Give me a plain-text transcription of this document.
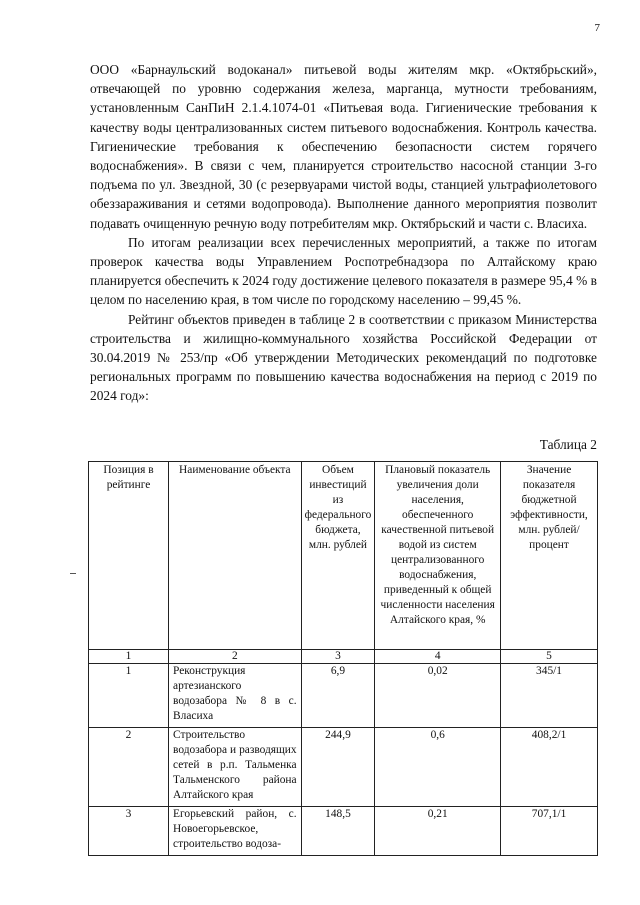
7

ООО «Барнаульский водоканал» питьевой воды жителям мкр. «Октябрьский», отвечающей по уровню содержания железа, марганца, мутности требованиям, установленным СанПиН 2.1.4.1074-01 «Питьевая вода. Гигиенические требования к качеству воды централизованных систем питьевого водоснабжения. Контроль качества. Гигиенические требования к обеспечению безопасности систем горячего водоснабжения». В связи с чем, планируется строительство насосной станции 3-го подъема по ул. Звездной, 30 (с резервуарами чистой воды, станцией ультрафиолетового обеззараживания и сетями водопровода). Выполнение данного мероприятия позволит подавать очищенную речную воду потребителям мкр. Октябрьский и части с. Власиха.

По итогам реализации всех перечисленных мероприятий, а также по итогам проверок качества воды Управлением Роспотребнадзора по Алтайскому краю планируется обеспечить к 2024 году достижение целевого показателя в размере 95,4 % в целом по населению края, в том числе по городскому населению – 99,45 %.

Рейтинг объектов приведен в таблице 2 в соответствии с приказом Министерства строительства и жилищно-коммунального хозяйства Российской Федерации от 30.04.2019 № 253/пр «Об утверждении Методических рекомендаций по подготовке региональных программ по повышению качества водоснабжения на период с 2019 по 2024 год»:

Таблица 2
Позиция в рейтинге	Наименование объекта	Объем инвестиций из федерального бюджета, млн. рублей	Плановый показатель увеличения доли населения, обеспеченного качественной питьевой водой из систем централизованного водоснабжения, приведенный к общей численности населения Алтайского края, %	Значение показателя бюджетной эффективности, млн. рублей/процент
1	2	3	4	5
1	Реконструкция артезианского водозабора № 8 в с. Власиха	6,9	0,02	345/1
2	Строительство водозабора и разводящих сетей в р.п. Тальменка Тальменского района Алтайского края	244,9	0,6	408,2/1
3	Егорьевский район, с. Новоегорьевское, строительство водоза-	148,5	0,21	707,1/1
